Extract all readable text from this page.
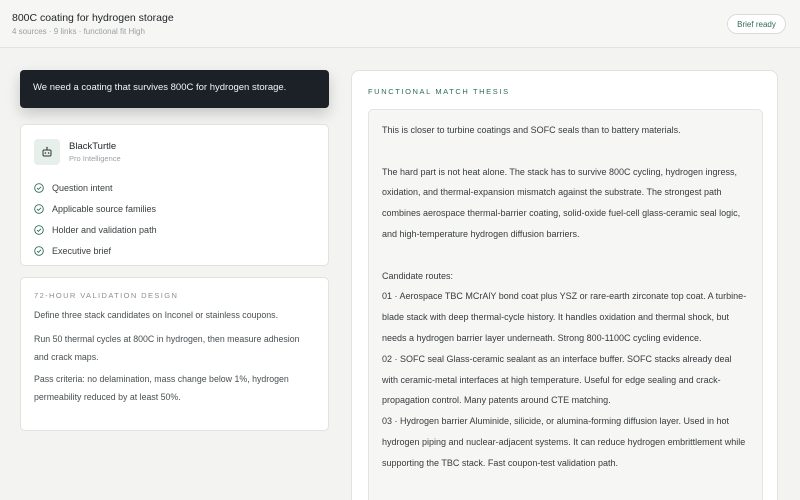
800C coating for hydrogen storage
4 sources · 9 links · functional fit High
Brief ready
We need a coating that survives 800C for hydrogen storage.
BlackTurtle
Pro Intelligence
Question intent
Applicable source families
Holder and validation path
Executive brief
72-HOUR VALIDATION DESIGN

Define three stack candidates on Inconel or stainless coupons.

Run 50 thermal cycles at 800C in hydrogen, then measure adhesion and crack maps.

Pass criteria: no delamination, mass change below 1%, hydrogen permeability reduced by at least 50%.

FUNCTIONAL MATCH THESIS
This is closer to turbine coatings and SOFC seals than to battery materials.
The hard part is not heat alone. The stack has to survive 800C cycling, hydrogen ingress, oxidation, and thermal-expansion mismatch against the substrate. The strongest path combines aerospace thermal-barrier coating, solid-oxide fuel-cell glass-ceramic seal logic, and high-temperature hydrogen diffusion barriers.
Candidate routes:
01 · Aerospace TBC MCrAlY bond coat plus YSZ or rare-earth zirconate top coat. A turbine-blade stack with deep thermal-cycle history. It handles oxidation and thermal shock, but needs a hydrogen barrier layer underneath. Strong 800-1100C cycling evidence.
02 · SOFC seal Glass-ceramic sealant as an interface buffer. SOFC stacks already deal with ceramic-metal interfaces at high temperature. Useful for edge sealing and crack-propagation control. Many patents around CTE matching.
03 · Hydrogen barrier Aluminide, silicide, or alumina-forming diffusion layer. Used in hot hydrogen piping and nuclear-adjacent systems. It can reduce hydrogen embrittlement while supporting the TBC stack. Fast coupon-test validation path.
